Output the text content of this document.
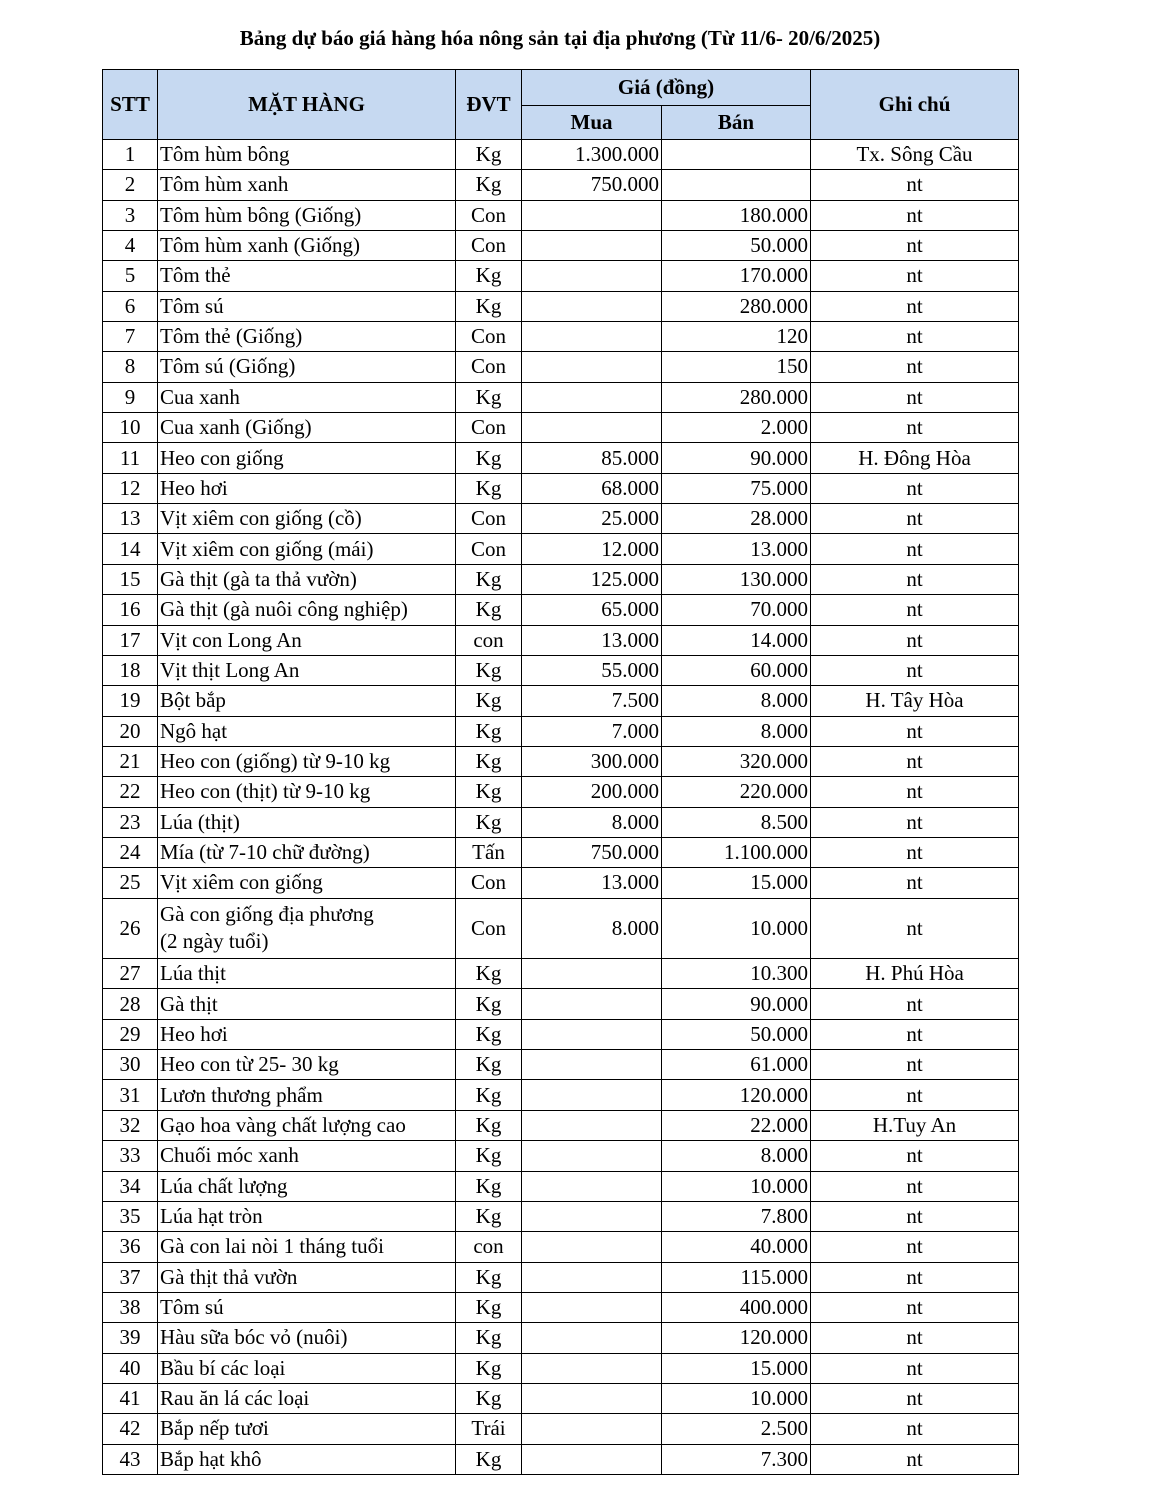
Bảng dự báo giá hàng hóa nông sản tại địa phương (Từ 11/6- 20/6/2025)
STT	MẶT HÀNG	ĐVT	Giá (đồng)		Ghi chú
			Mua	Bán	
1	Tôm hùm bông	Kg	1.300.000		Tx. Sông Cầu
2	Tôm hùm xanh	Kg	750.000		nt
3	Tôm hùm bông (Giống)	Con		180.000	nt
4	Tôm hùm xanh (Giống)	Con		50.000	nt
5	Tôm thẻ	Kg		170.000	nt
6	Tôm sú	Kg		280.000	nt
7	Tôm thẻ (Giống)	Con		120	nt
8	Tôm sú (Giống)	Con		150	nt
9	Cua xanh	Kg		280.000	nt
10	Cua xanh (Giống)	Con		2.000	nt
11	Heo con giống	Kg	85.000	90.000	H. Đông Hòa
12	Heo hơi	Kg	68.000	75.000	nt
13	Vịt xiêm con giống (cồ)	Con	25.000	28.000	nt
14	Vịt xiêm con giống (mái)	Con	12.000	13.000	nt
15	Gà thịt (gà ta thả vườn)	Kg	125.000	130.000	nt
16	Gà thịt (gà nuôi công nghiệp)	Kg	65.000	70.000	nt
17	Vịt con Long An	con	13.000	14.000	nt
18	Vịt thịt Long An	Kg	55.000	60.000	nt
19	Bột bắp	Kg	7.500	8.000	H. Tây Hòa
20	Ngô hạt	Kg	7.000	8.000	nt
21	Heo con (giống) từ 9-10 kg	Kg	300.000	320.000	nt
22	Heo con (thịt) từ 9-10 kg	Kg	200.000	220.000	nt
23	Lúa (thịt)	Kg	8.000	8.500	nt
24	Mía (từ 7-10 chữ đường)	Tấn	750.000	1.100.000	nt
25	Vịt xiêm con giống	Con	13.000	15.000	nt
26	Gà con giống địa phương
(2 ngày tuổi)	Con	8.000	10.000	nt
27	Lúa thịt	Kg		10.300	H. Phú Hòa
28	Gà thịt	Kg		90.000	nt
29	Heo hơi	Kg		50.000	nt
30	Heo con từ 25- 30 kg	Kg		61.000	nt
31	Lươn thương phẩm	Kg		120.000	nt
32	Gạo hoa vàng chất lượng cao	Kg		22.000	H.Tuy An
33	Chuối móc xanh	Kg		8.000	nt
34	Lúa chất lượng	Kg		10.000	nt
35	Lúa hạt tròn	Kg		7.800	nt
36	Gà con lai nòi 1 tháng tuổi	con		40.000	nt
37	Gà thịt thả vườn	Kg		115.000	nt
38	Tôm sú	Kg		400.000	nt
39	Hàu sữa bóc vỏ (nuôi)	Kg		120.000	nt
40	Bầu bí các loại	Kg		15.000	nt
41	Rau ăn lá các loại	Kg		10.000	nt
42	Bắp nếp tươi	Trái		2.500	nt
43	Bắp hạt khô	Kg		7.300	nt
